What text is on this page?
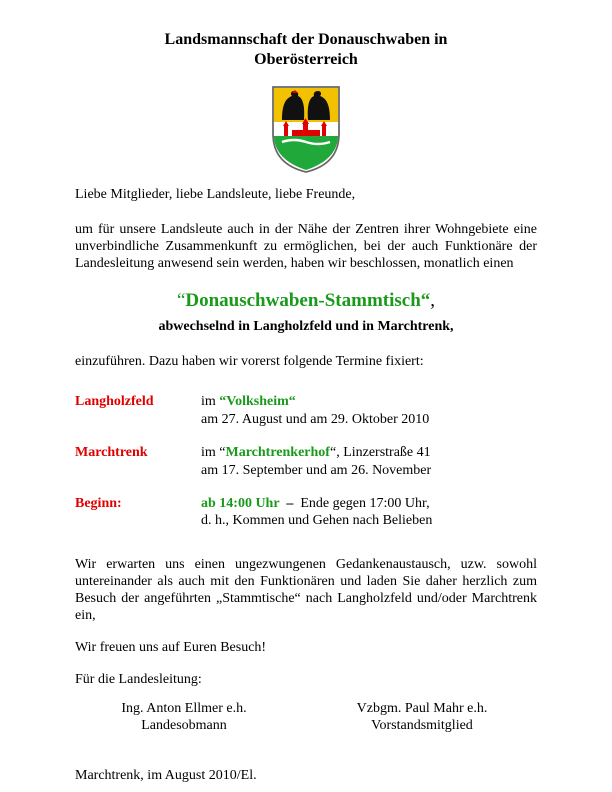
Landsmannschaft der Donauschwaben in
Oberösterreich
Liebe Mitglieder, liebe Landsleute, liebe Freunde,
um für unsere Landsleute auch in der Nähe der Zentren ihrer Wohngebiete eine
unverbindliche Zusammenkunft zu ermöglichen, bei der auch Funktionäre der
Landesleitung anwesend sein werden, haben wir beschlossen, monatlich einen
“Donauschwaben-Stammtisch“,
abwechselnd in Langholzfeld und in Marchtrenk,
einzuführen. Dazu haben wir vorerst folgende Termine fixiert:
Langholzfeld	im “Volksheim“
am 27. August und am 29. Oktober 2010
Marchtrenk	im “Marchtrenkerhof“, Linzerstraße 41
am 17. September und am 26. November
Beginn:	ab 14:00 Uhr  –  Ende gegen 17:00 Uhr,
d. h., Kommen und Gehen nach Belieben
Wir erwarten uns einen ungezwungenen Gedankenaustausch, uzw. sowohl
untereinander als auch mit den Funktionären und laden Sie daher herzlich zum
Besuch der angeführten „Stammtische“ nach Langholzfeld und/oder Marchtrenk
ein,
Wir freuen uns auf Euren Besuch!
Für die Landesleitung:
Ing. Anton Ellmer e.h.
Landesobmann
Vzbgm. Paul Mahr e.h.
Vorstandsmitglied
Marchtrenk, im August 2010/El.
